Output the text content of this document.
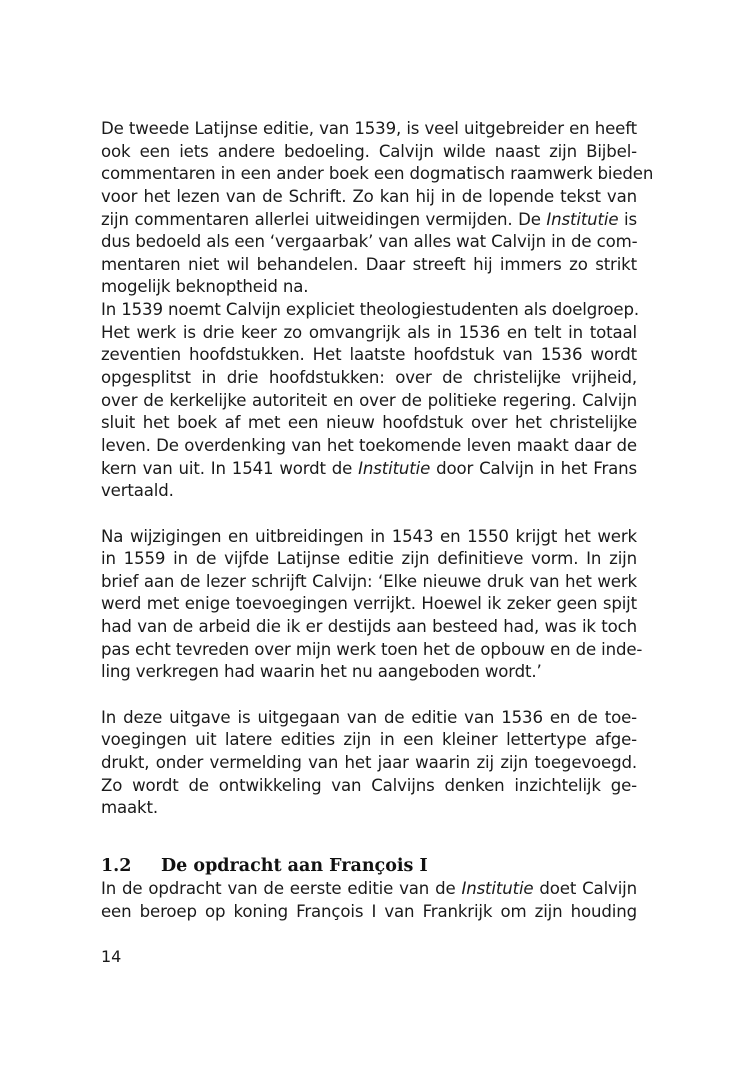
De tweede Latijnse editie, van 1539, is veel uitgebreider en heeft
ook een iets andere bedoeling. Calvijn wilde naast zijn Bijbel-
commentaren in een ander boek een dogmatisch raamwerk bieden
voor het lezen van de Schrift. Zo kan hij in de lopende tekst van
zijn commentaren allerlei uitweidingen vermijden. De Institutie is
dus bedoeld als een ‘vergaarbak’ van alles wat Calvijn in de com-
mentaren niet wil behandelen. Daar streeft hij immers zo strikt
mogelijk beknoptheid na.
In 1539 noemt Calvijn expliciet theologiestudenten als doelgroep.
Het werk is drie keer zo omvangrijk als in 1536 en telt in totaal
zeventien hoofdstukken. Het laatste hoofdstuk van 1536 wordt
opgesplitst in drie hoofdstukken: over de christelijke vrijheid,
over de kerkelijke autoriteit en over de politieke regering. Calvijn
sluit het boek af met een nieuw hoofdstuk over het christelijke
leven. De overdenking van het toekomende leven maakt daar de
kern van uit. In 1541 wordt de Institutie door Calvijn in het Frans
vertaald.
Na wijzigingen en uitbreidingen in 1543 en 1550 krijgt het werk
in 1559 in de vijfde Latijnse editie zijn definitieve vorm. In zijn
brief aan de lezer schrijft Calvijn: ‘Elke nieuwe druk van het werk
werd met enige toevoegingen verrijkt. Hoewel ik zeker geen spijt
had van de arbeid die ik er destijds aan besteed had, was ik toch
pas echt tevreden over mijn werk toen het de opbouw en de inde-
ling verkregen had waarin het nu aangeboden wordt.’
In deze uitgave is uitgegaan van de editie van 1536 en de toe-
voegingen uit latere edities zijn in een kleiner lettertype afge-
drukt, onder vermelding van het jaar waarin zij zijn toegevoegd.
Zo wordt de ontwikkeling van Calvijns denken inzichtelijk ge-
maakt.
1.2	De opdracht aan François I
In de opdracht van de eerste editie van de Institutie doet Calvijn
een beroep op koning François I van Frankrijk om zijn houding
14
